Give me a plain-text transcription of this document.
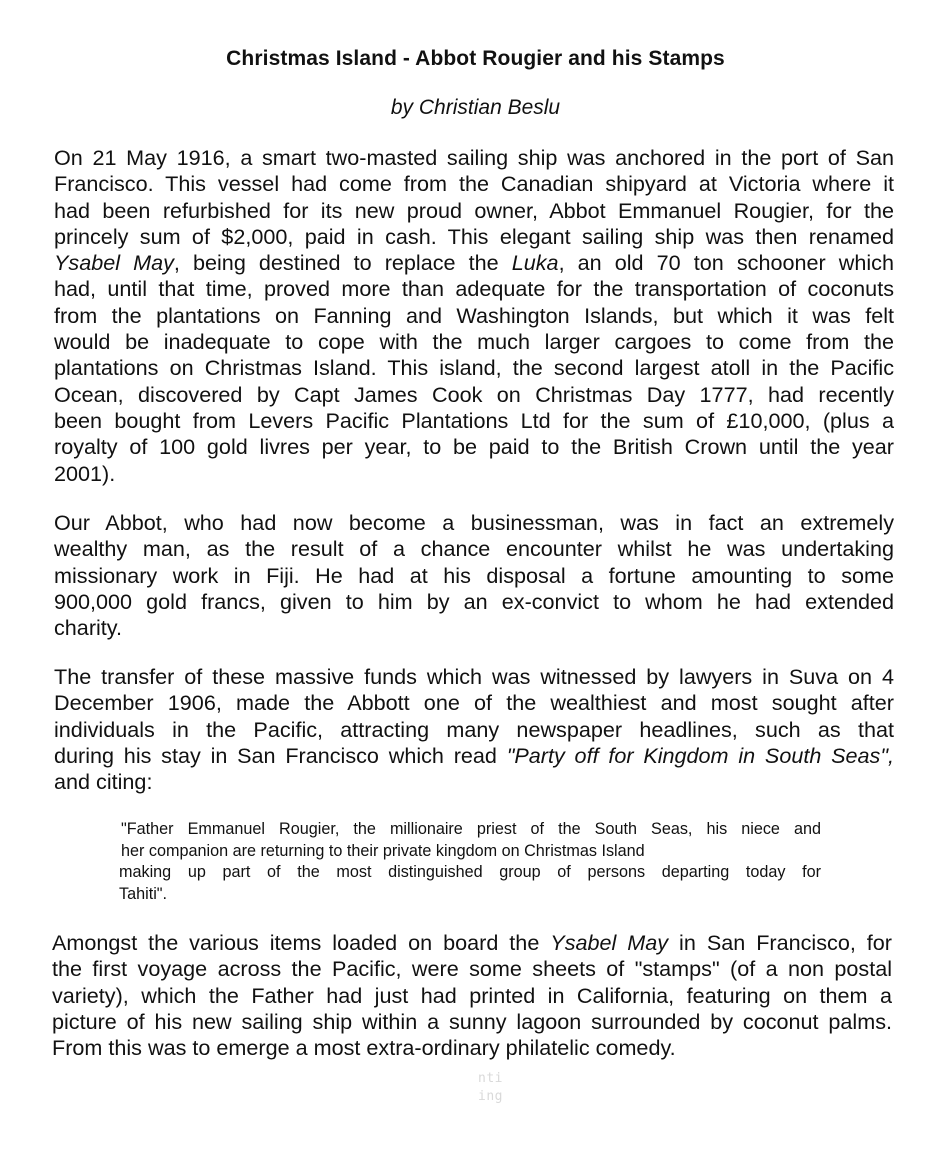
Christmas Island - Abbot Rougier and his Stamps
by Christian Beslu
On 21 May 1916, a smart two-masted sailing ship was anchored in the port of San
Francisco. This vessel had come from the Canadian shipyard at Victoria where it
had been refurbished for its new proud owner, Abbot Emmanuel Rougier, for the
princely sum of $2,000, paid in cash. This elegant sailing ship was then renamed
Ysabel May, being destined to replace the Luka, an old 70 ton schooner which
had, until that time, proved more than adequate for the transportation of coconuts
from the plantations on Fanning and Washington Islands, but which it was felt
would be inadequate to cope with the much larger cargoes to come from the
plantations on Christmas Island. This island, the second largest atoll in the Pacific
Ocean, discovered by Capt James Cook on Christmas Day 1777, had recently
been bought from Levers Pacific Plantations Ltd for the sum of £10,000, (plus a
royalty of 100 gold livres per year, to be paid to the British Crown until the year
2001).
Our Abbot, who had now become a businessman, was in fact an extremely
wealthy man, as the result of a chance encounter whilst he was undertaking
missionary work in Fiji. He had at his disposal a fortune amounting to some
900,000 gold francs, given to him by an ex-convict to whom he had extended
charity.
The transfer of these massive funds which was witnessed by lawyers in Suva on 4
December 1906, made the Abbott one of the wealthiest and most sought after
individuals in the Pacific, attracting many newspaper headlines, such as that
during his stay in San Francisco which read "Party off for Kingdom in South Seas",
and citing:
"Father Emmanuel Rougier, the millionaire priest of the South Seas, his niece and
her companion are returning to their private kingdom on Christmas Island
making up part of the most distinguished group of persons departing today for
Tahiti".
Amongst the various items loaded on board the Ysabel May in San Francisco, for
the first voyage across the Pacific, were some sheets of "stamps" (of a non postal
variety), which the Father had just had printed in California, featuring on them a
picture of his new sailing ship within a sunny lagoon surrounded by coconut palms.
From this was to emerge a most extra-ordinary philatelic comedy.
nti
ing
